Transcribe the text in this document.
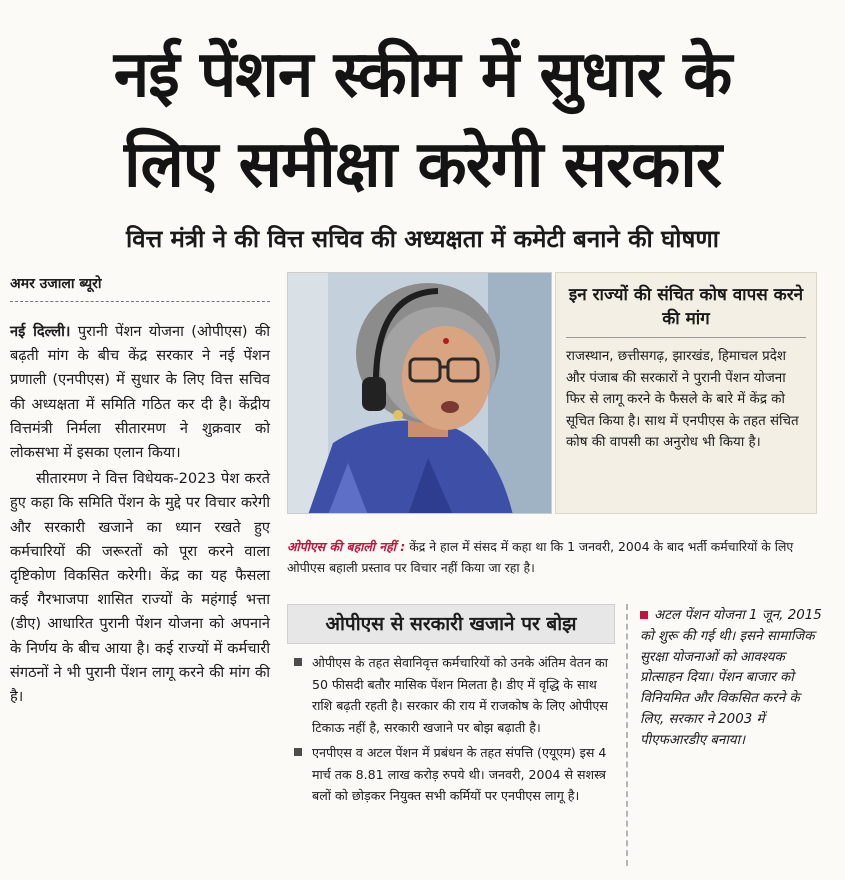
नई पेंशन स्कीम में सुधार के
लिए समीक्षा करेगी सरकार
वित्त मंत्री ने की वित्त सचिव की अध्यक्षता में कमेटी बनाने की घोषणा
अमर उजाला ब्यूरो

नई दिल्ली। पुरानी पेंशन योजना (ओपीएस) की बढ़ती मांग के बीच केंद्र सरकार ने नई पेंशन प्रणाली (एनपीएस) में सुधार के लिए वित्त सचिव की अध्यक्षता में समिति गठित कर दी है। केंद्रीय वित्तमंत्री निर्मला सीतारमण ने शुक्रवार को लोकसभा में इसका एलान किया।

सीतारमण ने वित्त विधेयक-2023 पेश करते हुए कहा कि समिति पेंशन के मुद्दे पर विचार करेगी और सरकारी खजाने का ध्यान रखते हुए कर्मचारियों की जरूरतों को पूरा करने वाला दृष्टिकोण विकसित करेगी। केंद्र का यह फैसला कई गैरभाजपा शासित राज्यों के महंगाई भत्ता (डीए) आधारित पुरानी पेंशन योजना को अपनाने के निर्णय के बीच आया है। कई राज्यों में कर्मचारी संगठनों ने भी पुरानी पेंशन लागू करने की मांग की है।

इन राज्यों की संचित कोष वापस करने की मांग
राजस्थान, छत्तीसगढ़, झारखंड, हिमाचल प्रदेश और पंजाब की सरकारों ने पुरानी पेंशन योजना फिर से लागू करने के फैसले के बारे में केंद्र को सूचित किया है। साथ में एनपीएस के तहत संचित कोष की वापसी का अनुरोध भी किया है।
ओपीएस की बहाली नहीं : केंद्र ने हाल में संसद में कहा था कि 1 जनवरी, 2004 के बाद भर्ती कर्मचारियों के लिए ओपीएस बहाली प्रस्ताव पर विचार नहीं किया जा रहा है।
ओपीएस से सरकारी खजाने पर बोझ
ओपीएस के तहत सेवानिवृत्त कर्मचारियों को उनके अंतिम वेतन का 50 फीसदी बतौर मासिक पेंशन मिलता है। डीए में वृद्धि के साथ राशि बढ़ती रहती है। सरकार की राय में राजकोष के लिए ओपीएस टिकाऊ नहीं है, सरकारी खजाने पर बोझ बढ़ाती है।
एनपीएस व अटल पेंशन में प्रबंधन के तहत संपत्ति (एयूएम) इस 4 मार्च तक 8.81 लाख करोड़ रुपये थी। जनवरी, 2004 से सशस्त्र बलों को छोड़कर नियुक्त सभी कर्मियों पर एनपीएस लागू है।
अटल पेंशन योजना 1 जून, 2015 को शुरू की गई थी। इसने सामाजिक सुरक्षा योजनाओं को आवश्यक प्रोत्साहन दिया। पेंशन बाजार को विनियमित और विकसित करने के लिए, सरकार ने 2003 में पीएफआरडीए बनाया।
